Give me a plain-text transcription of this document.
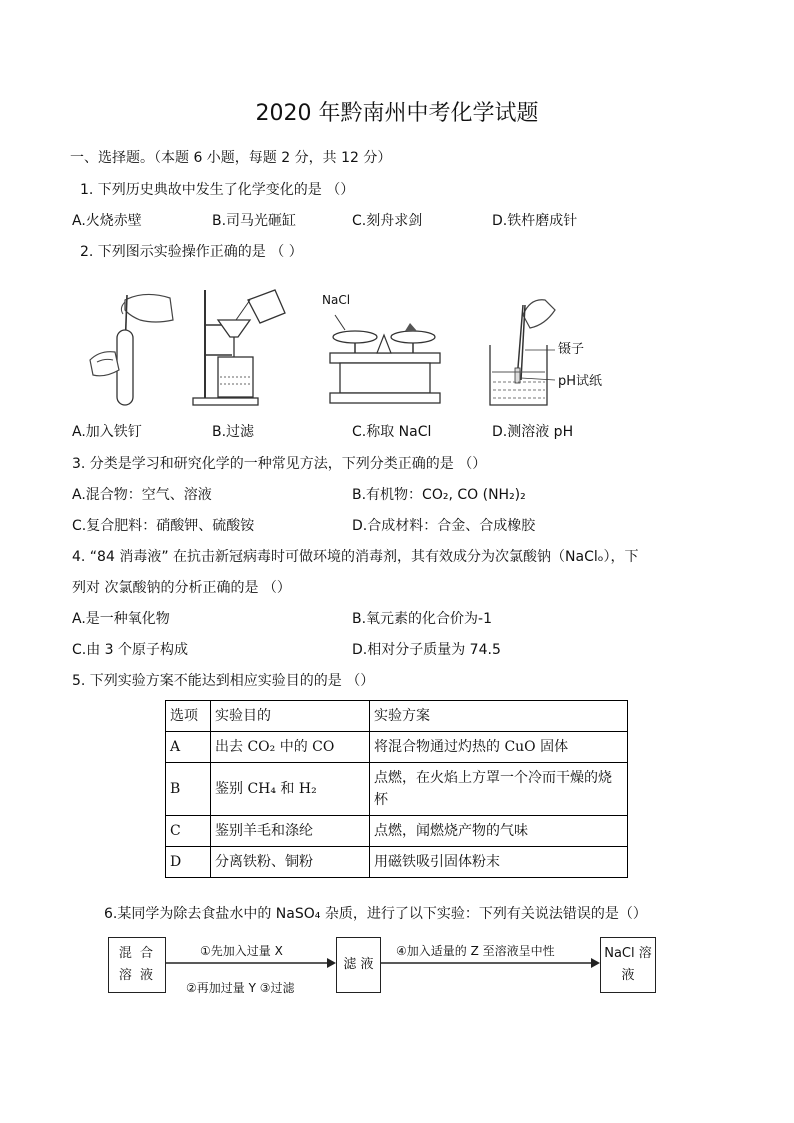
2020 年黔南州中考化学试题
一、选择题。（本题 6 小题，每题 2 分，共 12 分）
1. 下列历史典故中发生了化学变化的是 （）
A.火烧赤壁	B.司马光砸缸	C.刻舟求剑	D.铁杵磨成针
2. 下列图示实验操作正确的是 （ ）
NaCl
镊子
pH试纸
A.加入铁钉	B.过滤	C.称取 NaCl	D.测溶液 pH
3. 分类是学习和研究化学的一种常见方法，下列分类正确的是 （）
A.混合物：空气、溶液	B.有机物：CO₂, CO (NH₂)₂
C.复合肥料：硝酸钾、硫酸铵	D.合成材料：合金、合成橡胶
4. “84 消毒液” 在抗击新冠病毒时可做环境的消毒剂，其有效成分为次氯酸钠（NaClₒ），下
列对 次氯酸钠的分析正确的是 （）
A.是一种氧化物	B.氧元素的化合价为-1
C.由 3 个原子构成	D.相对分子质量为 74.5
5. 下列实验方案不能达到相应实验目的的是 （）
选项	实验目的	实验方案
A	出去 CO₂ 中的 CO	将混合物通过灼热的 CuO 固体
B	鉴别 CH₄ 和 H₂	点燃，在火焰上方罩一个冷而干燥的烧杯
C	鉴别羊毛和涤纶	点燃，闻燃烧产物的气味
D	分离铁粉、铜粉	用磁铁吸引固体粉末
6.某同学为除去食盐水中的 NaSO₄ 杂质，进行了以下实验：下列有关说法错误的是（）
混 合 溶 液
滤 液
NaCl 溶液
①先加入过量 X
②再加过量 Y ③过滤
④加入适量的 Z 至溶液呈中性
